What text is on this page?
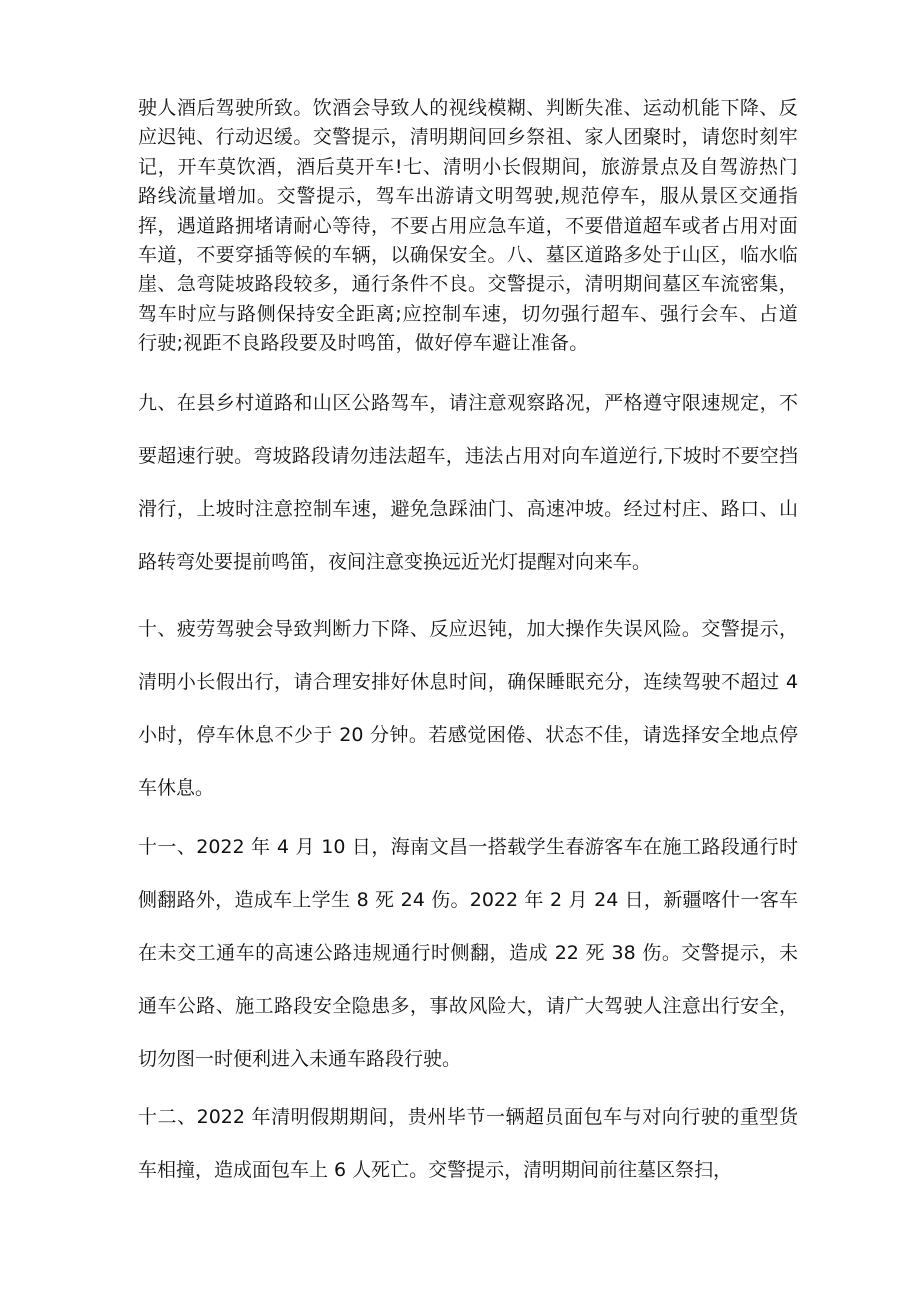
驶人酒后驾驶所致。饮酒会导致人的视线模糊、判断失准、运动机能下降、反应迟钝、行动迟缓。交警提示，清明期间回乡祭祖、家人团聚时，请您时刻牢记，开车莫饮酒，酒后莫开车!七、清明小长假期间，旅游景点及自驾游热门路线流量增加。交警提示，驾车出游请文明驾驶,规范停车，服从景区交通指挥，遇道路拥堵请耐心等待，不要占用应急车道，不要借道超车或者占用对面车道，不要穿插等候的车辆，以确保安全。八、墓区道路多处于山区，临水临崖、急弯陡坡路段较多，通行条件不良。交警提示，清明期间墓区车流密集，驾车时应与路侧保持安全距离;应控制车速，切勿强行超车、强行会车、占道行驶;视距不良路段要及时鸣笛，做好停车避让准备。

九、在县乡村道路和山区公路驾车，请注意观察路况，严格遵守限速规定，不要超速行驶。弯坡路段请勿违法超车，违法占用对向车道逆行,下坡时不要空挡滑行，上坡时注意控制车速，避免急踩油门、高速冲坡。经过村庄、路口、山路转弯处要提前鸣笛，夜间注意变换远近光灯提醒对向来车。

十、疲劳驾驶会导致判断力下降、反应迟钝，加大操作失误风险。交警提示，清明小长假出行，请合理安排好休息时间，确保睡眠充分，连续驾驶不超过 4 小时，停车休息不少于 20 分钟。若感觉困倦、状态不佳，请选择安全地点停车休息。

十一、2022 年 4 月 10 日，海南文昌一搭载学生春游客车在施工路段通行时侧翻路外，造成车上学生 8 死 24 伤。2022 年 2 月 24 日，新疆喀什一客车在未交工通车的高速公路违规通行时侧翻，造成 22 死 38 伤。交警提示，未通车公路、施工路段安全隐患多，事故风险大，请广大驾驶人注意出行安全，切勿图一时便利进入未通车路段行驶。

十二、2022 年清明假期期间，贵州毕节一辆超员面包车与对向行驶的重型货车相撞，造成面包车上 6 人死亡。交警提示，清明期间前往墓区祭扫，
